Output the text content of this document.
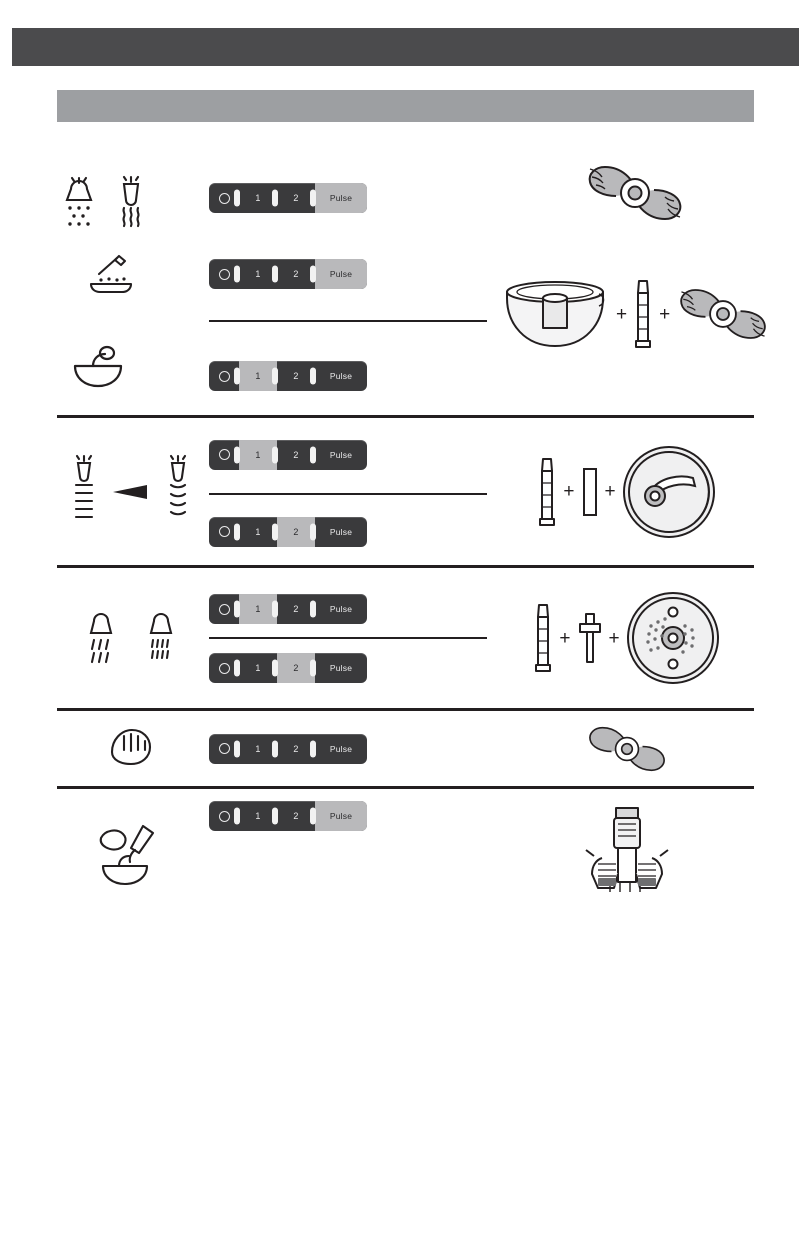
1	2	Pulse
1	2	Pulse
1	2	Pulse
+ +
1	2	Pulse
1	2	Pulse
+ +
1	2	Pulse
1	2	Pulse
+ +
1	2	Pulse
1	2	Pulse
